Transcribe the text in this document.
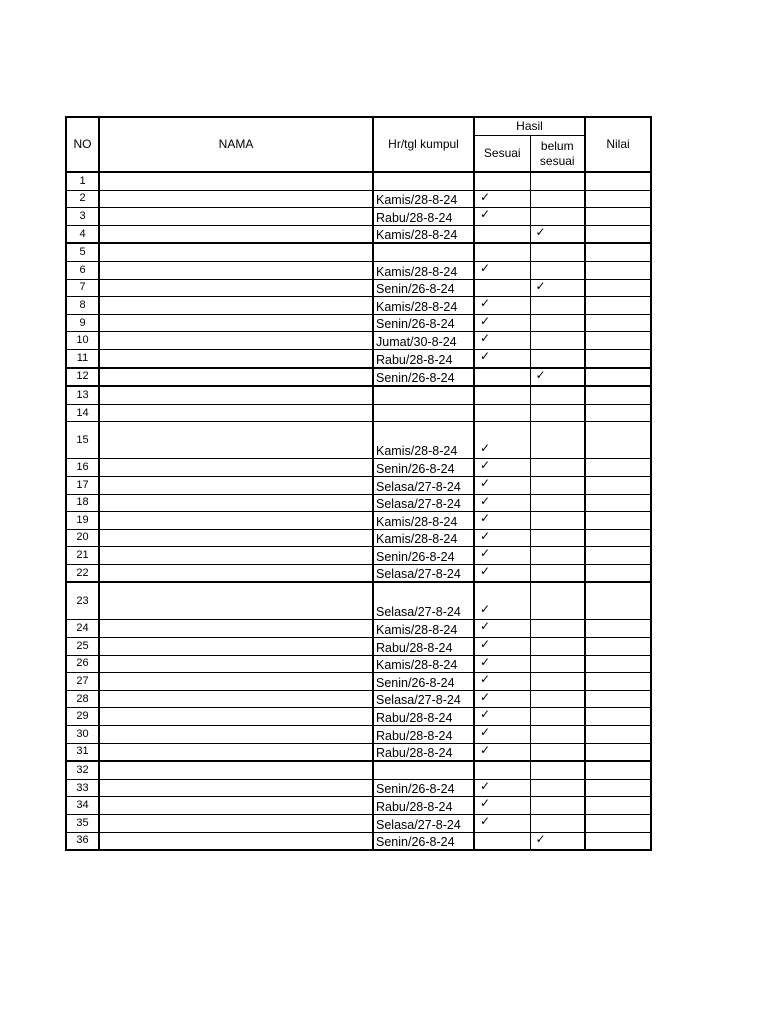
NO	NAMA	Hr/tgl kumpul	Hasil		Nilai
			Sesuai	belum sesuai	
1					
2		Kamis/28-8-24	✓		
3		Rabu/28-8-24	✓		
4		Kamis/28-8-24		✓	
5					
6		Kamis/28-8-24	✓		
7		Senin/26-8-24		✓	
8		Kamis/28-8-24	✓		
9		Senin/26-8-24	✓		
10		Jumat/30-8-24	✓		
11		Rabu/28-8-24	✓		
12		Senin/26-8-24		✓	
13					
14					
15		Kamis/28-8-24	✓		
16		Senin/26-8-24	✓		
17		Selasa/27-8-24	✓		
18		Selasa/27-8-24	✓		
19		Kamis/28-8-24	✓		
20		Kamis/28-8-24	✓		
21		Senin/26-8-24	✓		
22		Selasa/27-8-24	✓		
23		Selasa/27-8-24	✓		
24		Kamis/28-8-24	✓		
25		Rabu/28-8-24	✓		
26		Kamis/28-8-24	✓		
27		Senin/26-8-24	✓		
28		Selasa/27-8-24	✓		
29		Rabu/28-8-24	✓		
30		Rabu/28-8-24	✓		
31		Rabu/28-8-24	✓		
32					
33		Senin/26-8-24	✓		
34		Rabu/28-8-24	✓		
35		Selasa/27-8-24	✓		
36		Senin/26-8-24		✓	
